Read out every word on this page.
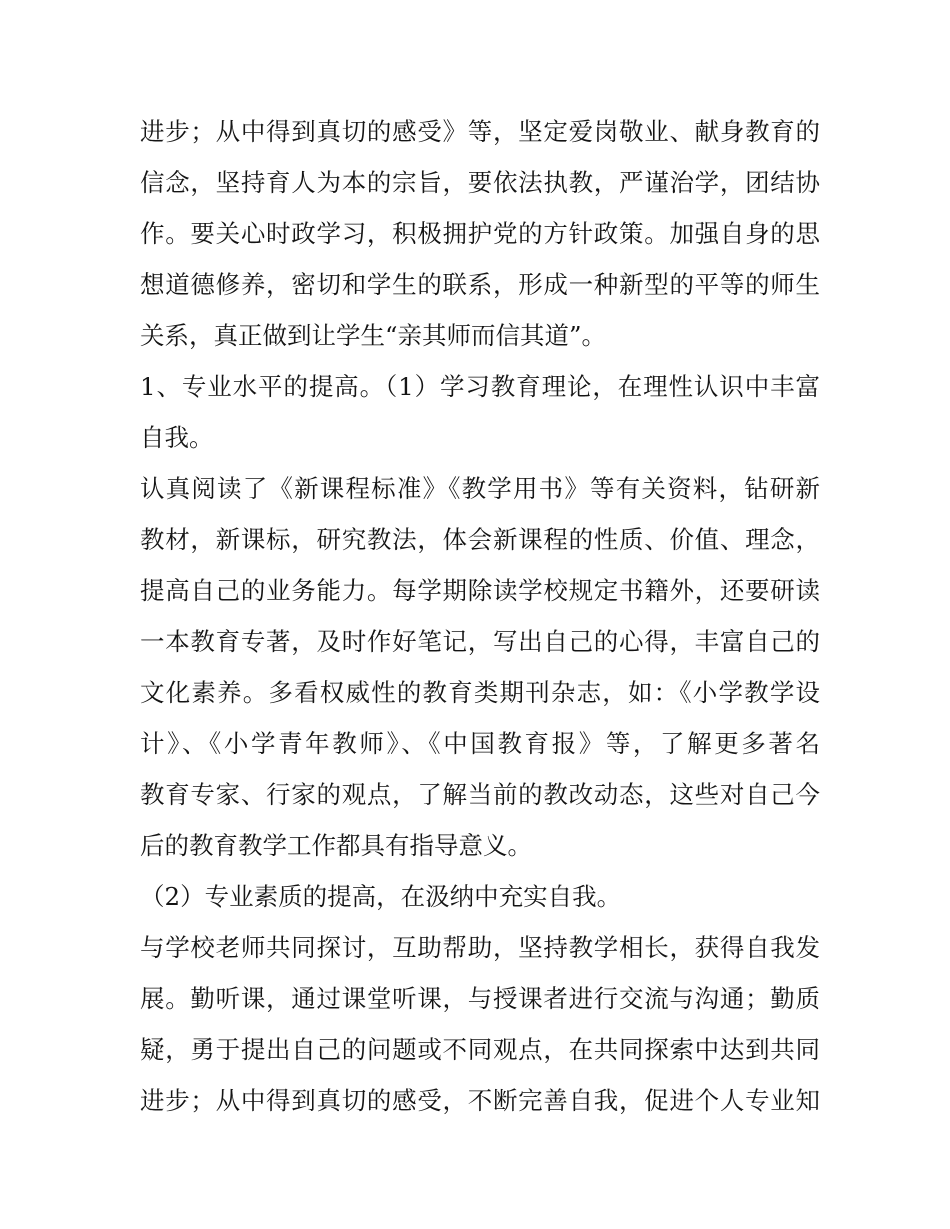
进步；从中得到真切的感受》等，坚定爱岗敬业、献身教育的
信念，坚持育人为本的宗旨，要依法执教，严谨治学，团结协
作。要关心时政学习，积极拥护党的方针政策。加强自身的思
想道德修养，密切和学生的联系，形成一种新型的平等的师生
关系，真正做到让学生“亲其师而信其道”。
1、专业水平的提高。（1）学习教育理论，在理性认识中丰富
自我。
认真阅读了《新课程标准》《教学用书》等有关资料，钻研新
教材，新课标，研究教法，体会新课程的性质、价值、理念，
提高自己的业务能力。每学期除读学校规定书籍外，还要研读
一本教育专著，及时作好笔记，写出自己的心得，丰富自己的
文化素养。多看权威性的教育类期刊杂志，如：《小学教学设
计》、《小学青年教师》、《中国教育报》等，了解更多著名
教育专家、行家的观点，了解当前的教改动态，这些对自己今
后的教育教学工作都具有指导意义。
（2）专业素质的提高，在汲纳中充实自我。
与学校老师共同探讨，互助帮助，坚持教学相长，获得自我发
展。勤听课，通过课堂听课，与授课者进行交流与沟通；勤质
疑，勇于提出自己的问题或不同观点，在共同探索中达到共同
进步；从中得到真切的感受，不断完善自我，促进个人专业知
